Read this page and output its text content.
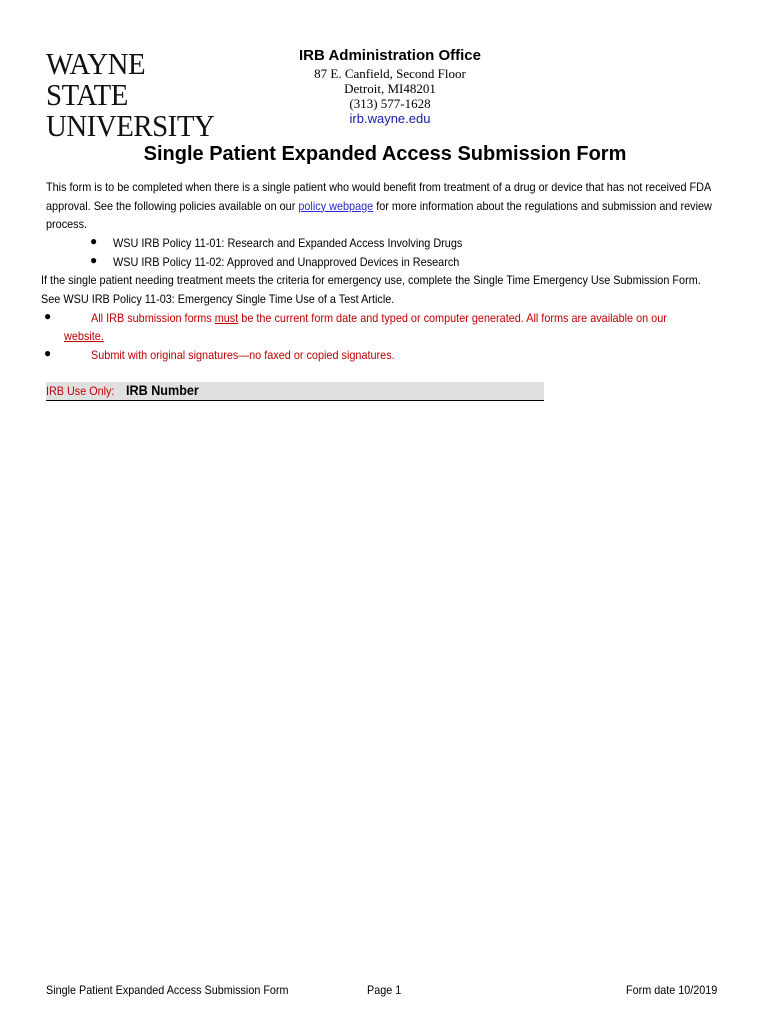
WAYNE STATE
UNIVERSITY
IRB Administration Office
87 E. Canfield, Second Floor
Detroit, MI48201
(313) 577-1628
irb.wayne.edu
Single Patient Expanded Access Submission Form
This form is to be completed when there is a single patient who would benefit from treatment of a drug or device that has not received FDA approval. See the following policies available on our policy webpage for more information about the regulations and submission and review process.
● WSU IRB Policy 11-01: Research and Expanded Access Involving Drugs
● WSU IRB Policy 11-02: Approved and Unapproved Devices in Research
If the single patient needing treatment meets the criteria for emergency use, complete the Single Time Emergency Use Submission Form.
See WSU IRB Policy 11-03: Emergency Single Time Use of a Test Article.
●	All IRB submission forms must be the current form date and typed or computer generated. All forms are available on our
website.
●	Submit with original signatures—no faxed or copied signatures.
IRB Use Only: IRB Number
Single Patient Expanded Access Submission Form	Page 1	Form date 10/2019
